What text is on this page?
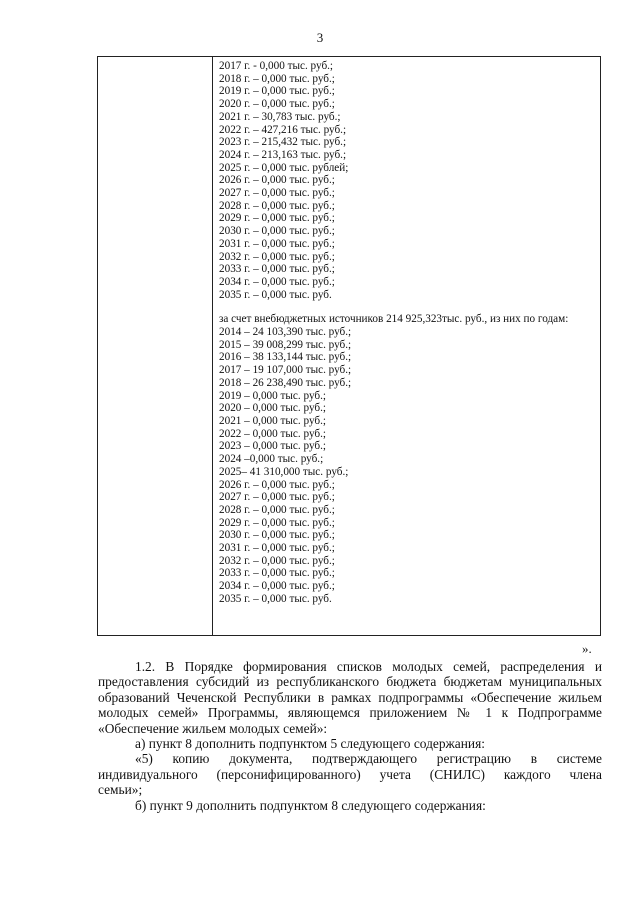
3
2017 г. - 0,000 тыс. руб.;
2018 г. – 0,000 тыс. руб.;
2019 г. – 0,000 тыс. руб.;
2020 г. – 0,000 тыс. руб.;
2021 г. – 30,783 тыс. руб.;
2022 г. – 427,216 тыс. руб.;
2023 г. – 215,432 тыс. руб.;
2024 г. – 213,163 тыс. руб.;
2025 г. – 0,000 тыс. рублей;
2026 г. – 0,000 тыс. руб.;
2027 г. – 0,000 тыс. руб.;
2028 г. – 0,000 тыс. руб.;
2029 г. – 0,000 тыс. руб.;
2030 г. – 0,000 тыс. руб.;
2031 г. – 0,000 тыс. руб.;
2032 г. – 0,000 тыс. руб.;
2033 г. – 0,000 тыс. руб.;
2034 г. – 0,000 тыс. руб.;
2035 г. – 0,000 тыс. руб.
за счет внебюджетных источников 214 925,323тыс. руб., из них по годам:
2014 – 24 103,390 тыс. руб.;
2015 – 39 008,299 тыс. руб.;
2016 – 38 133,144 тыс. руб.;
2017 – 19 107,000 тыс. руб.;
2018 – 26 238,490 тыс. руб.;
2019 – 0,000 тыс. руб.;
2020 – 0,000 тыс. руб.;
2021 – 0,000 тыс. руб.;
2022 – 0,000 тыс. руб.;
2023 – 0,000 тыс. руб.;
2024 –0,000 тыс. руб.;
2025– 41 310,000 тыс. руб.;
2026 г. – 0,000 тыс. руб.;
2027 г. – 0,000 тыс. руб.;
2028 г. – 0,000 тыс. руб.;
2029 г. – 0,000 тыс. руб.;
2030 г. – 0,000 тыс. руб.;
2031 г. – 0,000 тыс. руб.;
2032 г. – 0,000 тыс. руб.;
2033 г. – 0,000 тыс. руб.;
2034 г. – 0,000 тыс. руб.;
2035 г. – 0,000 тыс. руб.
».
1.2. В Порядке формирования списков молодых семей, распределения и предоставления субсидий из республиканского бюджета бюджетам муниципальных образований Чеченской Республики в рамках подпрограммы «Обеспечение жильем молодых семей» Программы, являющемся приложением № 1 к Подпрограмме «Обеспечение жильем молодых семей»:
а) пункт 8 дополнить подпунктом 5 следующего содержания:
«5) копию документа, подтверждающего регистрацию в системе
индивидуального (персонифицированного) учета (СНИЛС) каждого члена
семьи»;
б) пункт 9 дополнить подпунктом 8 следующего содержания:
